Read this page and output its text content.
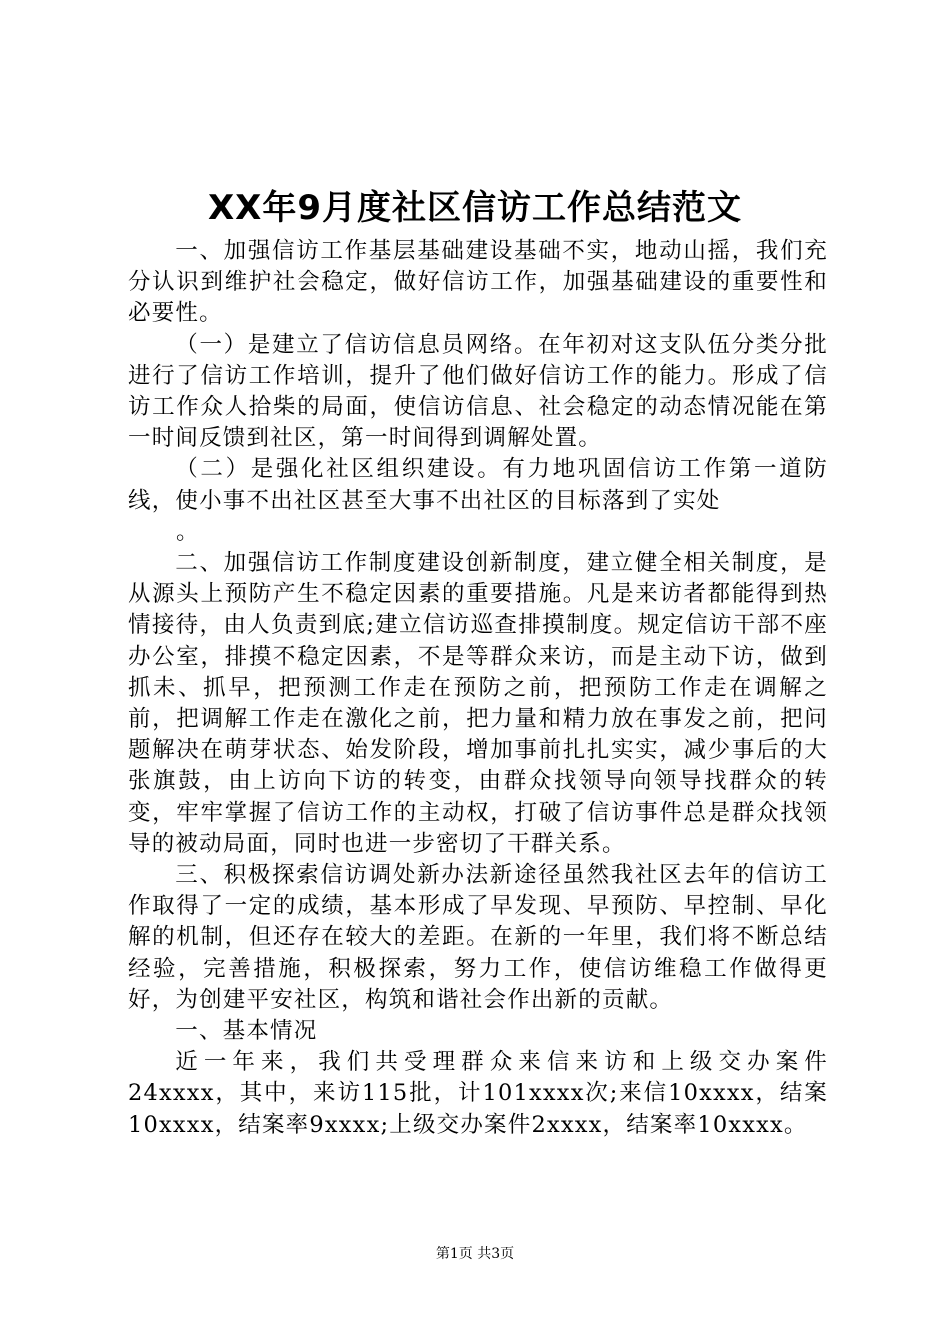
XX年9月度社区信访工作总结范文

一、加强信访工作基层基础建设基础不实，地动山摇，我们充分认识到维护社会稳定，做好信访工作，加强基础建设的重要性和必要性。

（一）是建立了信访信息员网络。在年初对这支队伍分类分批进行了信访工作培训，提升了他们做好信访工作的能力。形成了信访工作众人拾柴的局面，使信访信息、社会稳定的动态情况能在第一时间反馈到社区，第一时间得到调解处置。

（二）是强化社区组织建设。有力地巩固信访工作第一道防线，使小事不出社区甚至大事不出社区的目标落到了实处

。

二、加强信访工作制度建设创新制度，建立健全相关制度，是从源头上预防产生不稳定因素的重要措施。凡是来访者都能得到热情接待，由人负责到底;建立信访巡查排摸制度。规定信访干部不座办公室，排摸不稳定因素，不是等群众来访，而是主动下访，做到抓未、抓早，把预测工作走在预防之前，把预防工作走在调解之前，把调解工作走在激化之前，把力量和精力放在事发之前，把问题解决在萌芽状态、始发阶段，增加事前扎扎实实，减少事后的大张旗鼓，由上访向下访的转变，由群众找领导向领导找群众的转变，牢牢掌握了信访工作的主动权，打破了信访事件总是群众找领导的被动局面，同时也进一步密切了干群关系。

三、积极探索信访调处新办法新途径虽然我社区去年的信访工作取得了一定的成绩，基本形成了早发现、早预防、早控制、早化解的机制，但还存在较大的差距。在新的一年里，我们将不断总结经验，完善措施，积极探索，努力工作，使信访维稳工作做得更好，为创建平安社区，构筑和谐社会作出新的贡献。

一、基本情况

近一年来，我们共受理群众来信来访和上级交办案件24xxxx，其中，来访115批，计101xxxx次;来信10xxxx，结案10xxxx，结案率9xxxx;上级交办案件2xxxx，结案率10xxxx。

第1页 共3页
